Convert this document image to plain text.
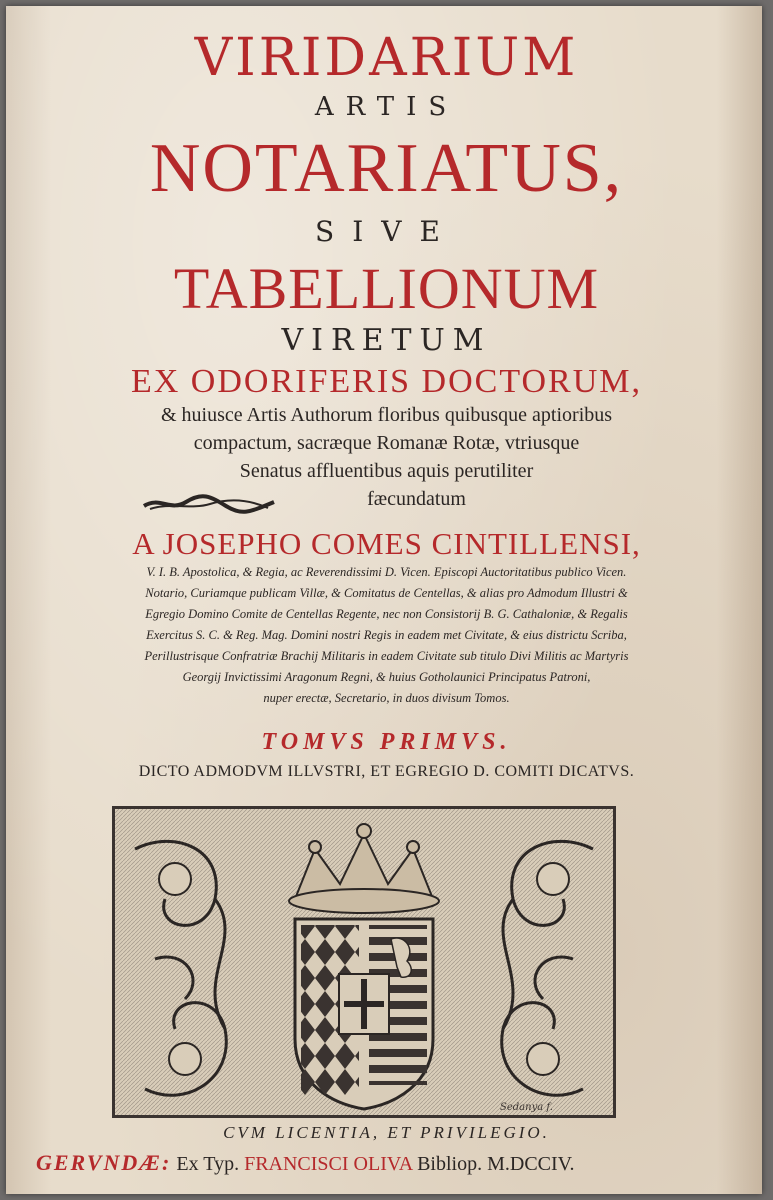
VIRIDARIUM
ARTIS
NOTARIATUS,
SIVE
TABELLIONUM
VIRETUM
EX ODORIFERIS DOCTORUM,
& huiusce Artis Authorum floribus quibusque aptioribus
compactum, sacræque Romanæ Rotæ, vtriusque
Senatus affluentibus aquis perutiliter
fæcundatum
A JOSEPHO COMES CINTILLENSI,
V. I. B. Apostolica, & Regia, ac Reverendissimi D. Vicen. Episcopi Auctoritatibus publico Vicen.
Notario, Curiamque publicam Villæ, & Comitatus de Centellas, & alias pro Admodum Illustri &
Egregio Domino Comite de Centellas Regente, nec non Consistorij B. G. Cathaloniæ, & Regalis
Exercitus S. C. & Reg. Mag. Domini nostri Regis in eadem met Civitate, & eius districtu Scriba,
Perillustrisque Confratriæ Brachij Militaris in eadem Civitate sub titulo Divi Militis ac Martyris
Georgij Invictissimi Aragonum Regni, & huius Gotholaunici Principatus Patroni,
nuper erectæ, Secretario, in duos divisum Tomos.
TOMVS PRIMVS.
DICTO ADMODVM ILLVSTRI, ET EGREGIO D. COMITI DICATVS.
Sedanya f.
CVM LICENTIA, ET PRIVILEGIO.
GERVNDÆ: Ex Typ. FRANCISCI OLIVA Bibliop. M.DCCIV.
